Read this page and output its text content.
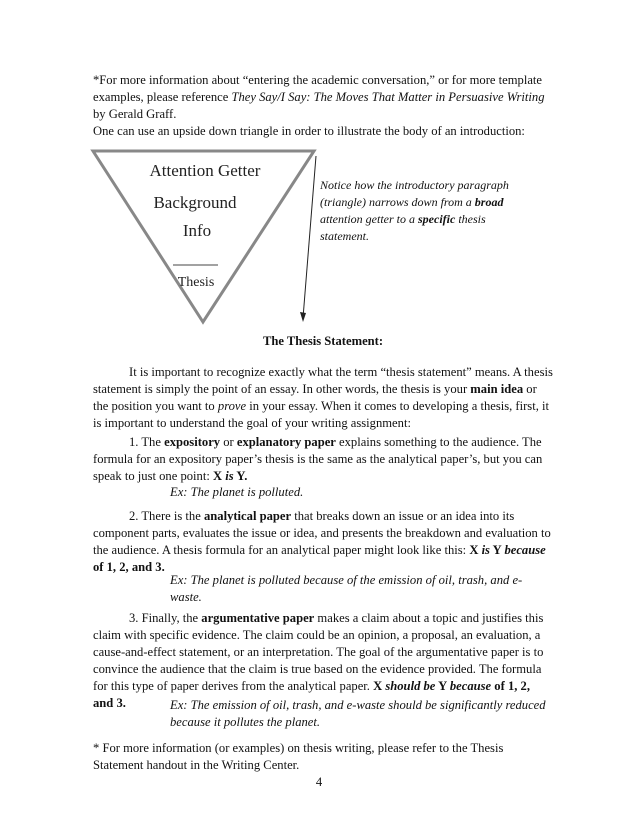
*For more information about “entering the academic conversation,” or for more template
examples, please reference They Say/I Say: The Moves That Matter in Persuasive Writing
by Gerald Graff.
One can use an upside down triangle in order to illustrate the body of an introduction:

Attention Getter
Background
Info
Thesis

Notice how the introductory paragraph (triangle) narrows down from a broad attention getter to a specific thesis statement.

The Thesis Statement:

It is important to recognize exactly what the term “thesis statement” means. A thesis statement is simply the point of an essay. In other words, the thesis is your main idea or the position you want to prove in your essay. When it comes to developing a thesis, first, it is important to understand the goal of your writing assignment:

1. The expository or explanatory paper explains something to the audience. The formula for an expository paper’s thesis is the same as the analytical paper’s, but you can speak to just one point: X is Y.

Ex: The planet is polluted.

2. There is the analytical paper that breaks down an issue or an idea into its component parts, evaluates the issue or idea, and presents the breakdown and evaluation to the audience. A thesis formula for an analytical paper might look like this: X is Y because of 1, 2, and 3.

Ex: The planet is polluted because of the emission of oil, trash, and e-waste.

3. Finally, the argumentative paper makes a claim about a topic and justifies this claim with specific evidence. The claim could be an opinion, a proposal, an evaluation, a cause-and-effect statement, or an interpretation. The goal of the argumentative paper is to convince the audience that the claim is true based on the evidence provided. The formula for this type of paper derives from the analytical paper. X should be Y because of 1, 2, and 3.	Ex: The emission of oil, trash, and e-waste should be significantly reduced because it pollutes the planet.

* For more information (or examples) on thesis writing, please refer to the Thesis Statement handout in the Writing Center.

4
